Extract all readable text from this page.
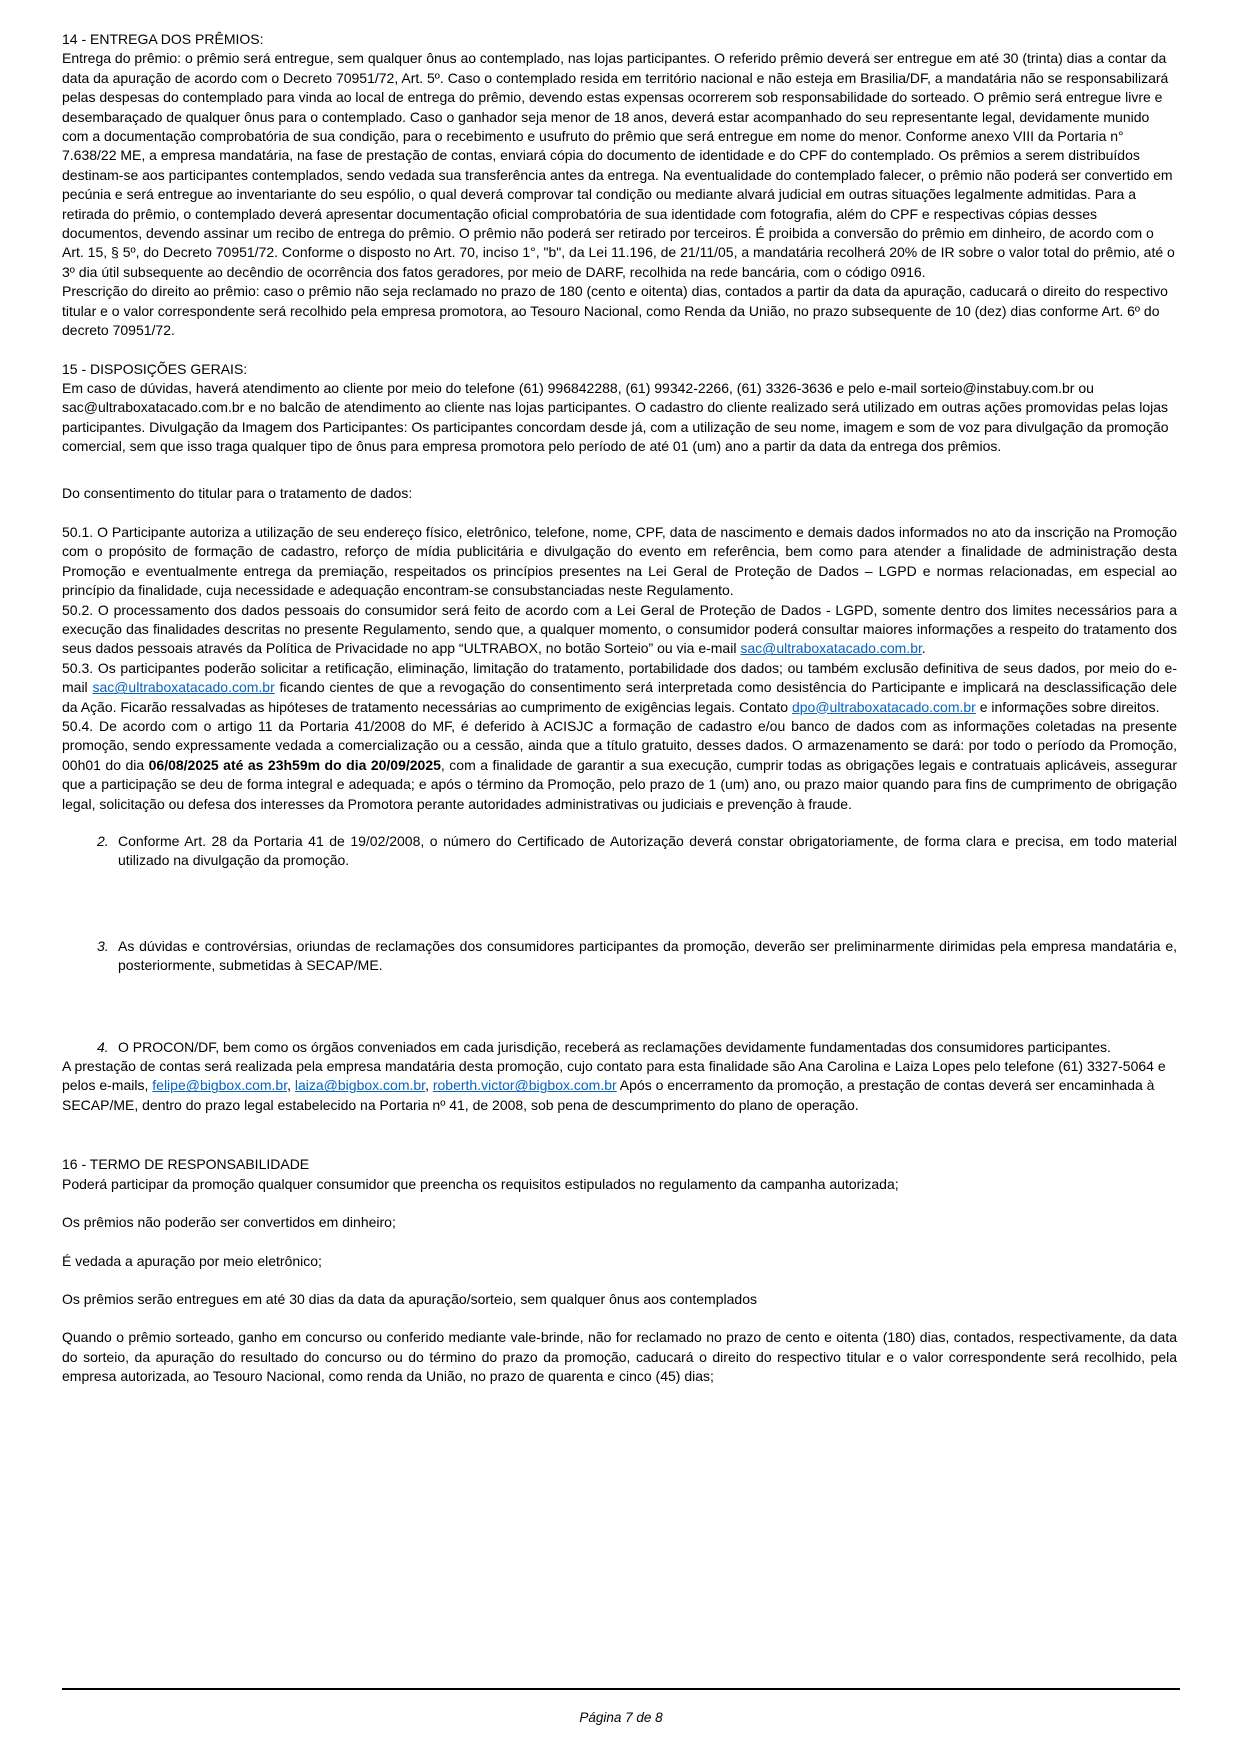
14 - ENTREGA DOS PRÊMIOS:

Entrega do prêmio: o prêmio será entregue, sem qualquer ônus ao contemplado, nas lojas participantes. O referido prêmio deverá ser entregue em até 30 (trinta) dias a contar da data da apuração de acordo com o Decreto 70951/72, Art. 5º. Caso o contemplado resida em território nacional e não esteja em Brasilia/DF, a mandatária não se responsabilizará pelas despesas do contemplado para vinda ao local de entrega do prêmio, devendo estas expensas ocorrerem sob responsabilidade do sorteado. O prêmio será entregue livre e desembaraçado de qualquer ônus para o contemplado. Caso o ganhador seja menor de 18 anos, deverá estar acompanhado do seu representante legal, devidamente munido com a documentação comprobatória de sua condição, para o recebimento e usufruto do prêmio que será entregue em nome do menor. Conforme anexo VIII da Portaria n° 7.638/22 ME, a empresa mandatária, na fase de prestação de contas, enviará cópia do documento de identidade e do CPF do contemplado. Os prêmios a serem distribuídos destinam-se aos participantes contemplados, sendo vedada sua transferência antes da entrega. Na eventualidade do contemplado falecer, o prêmio não poderá ser convertido em pecúnia e será entregue ao inventariante do seu espólio, o qual deverá comprovar tal condição ou mediante alvará judicial em outras situações legalmente admitidas. Para a retirada do prêmio, o contemplado deverá apresentar documentação oficial comprobatória de sua identidade com fotografia, além do CPF e respectivas cópias desses documentos, devendo assinar um recibo de entrega do prêmio. O prêmio não poderá ser retirado por terceiros. É proibida a conversão do prêmio em dinheiro, de acordo com o Art. 15, § 5º, do Decreto 70951/72. Conforme o disposto no Art. 70, inciso 1°, "b", da Lei 11.196, de 21/11/05, a mandatária recolherá 20% de IR sobre o valor total do prêmio, até o 3º dia útil subsequente ao decêndio de ocorrência dos fatos geradores, por meio de DARF, recolhida na rede bancária, com o código 0916.

Prescrição do direito ao prêmio: caso o prêmio não seja reclamado no prazo de 180 (cento e oitenta) dias, contados a partir da data da apuração, caducará o direito do respectivo titular e o valor correspondente será recolhido pela empresa promotora, ao Tesouro Nacional, como Renda da União, no prazo subsequente de 10 (dez) dias conforme Art. 6º do decreto 70951/72.

15 - DISPOSIÇÕES GERAIS:

Em caso de dúvidas, haverá atendimento ao cliente por meio do telefone (61) 996842288, (61) 99342-2266, (61) 3326-3636 e pelo e-mail sorteio@instabuy.com.br ou sac@ultraboxatacado.com.br e no balcão de atendimento ao cliente nas lojas participantes. O cadastro do cliente realizado será utilizado em outras ações promovidas pelas lojas participantes. Divulgação da Imagem dos Participantes: Os participantes concordam desde já, com a utilização de seu nome, imagem e som de voz para divulgação da promoção comercial, sem que isso traga qualquer tipo de ônus para empresa promotora pelo período de até 01 (um) ano a partir da data da entrega dos prêmios.

Do consentimento do titular para o tratamento de dados:

50.1. O Participante autoriza a utilização de seu endereço físico, eletrônico, telefone, nome, CPF, data de nascimento e demais dados informados no ato da inscrição na Promoção com o propósito de formação de cadastro, reforço de mídia publicitária e divulgação do evento em referência, bem como para atender a finalidade de administração desta Promoção e eventualmente entrega da premiação, respeitados os princípios presentes na Lei Geral de Proteção de Dados – LGPD e normas relacionadas, em especial ao princípio da finalidade, cuja necessidade e adequação encontram-se consubstanciadas neste Regulamento.

50.2. O processamento dos dados pessoais do consumidor será feito de acordo com a Lei Geral de Proteção de Dados - LGPD, somente dentro dos limites necessários para a execução das finalidades descritas no presente Regulamento, sendo que, a qualquer momento, o consumidor poderá consultar maiores informações a respeito do tratamento dos seus dados pessoais através da Política de Privacidade no app “ULTRABOX, no botão Sorteio” ou via e-mail sac@ultraboxatacado.com.br.

50.3. Os participantes poderão solicitar a retificação, eliminação, limitação do tratamento, portabilidade dos dados; ou também exclusão definitiva de seus dados, por meio do e-mail sac@ultraboxatacado.com.br ficando cientes de que a revogação do consentimento será interpretada como desistência do Participante e implicará na desclassificação dele da Ação. Ficarão ressalvadas as hipóteses de tratamento necessárias ao cumprimento de exigências legais. Contato dpo@ultraboxatacado.com.br e informações sobre direitos.

50.4. De acordo com o artigo 11 da Portaria 41/2008 do MF, é deferido à ACISJC a formação de cadastro e/ou banco de dados com as informações coletadas na presente promoção, sendo expressamente vedada a comercialização ou a cessão, ainda que a título gratuito, desses dados. O armazenamento se dará: por todo o período da Promoção, 00h01 do dia 06/08/2025 até as 23h59m do dia 20/09/2025, com a finalidade de garantir a sua execução, cumprir todas as obrigações legais e contratuais aplicáveis, assegurar que a participação se deu de forma integral e adequada; e após o término da Promoção, pelo prazo de 1 (um) ano, ou prazo maior quando para fins de cumprimento de obrigação legal, solicitação ou defesa dos interesses da Promotora perante autoridades administrativas ou judiciais e prevenção à fraude.

2. Conforme Art. 28 da Portaria 41 de 19/02/2008, o número do Certificado de Autorização deverá constar obrigatoriamente, de forma clara e precisa, em todo material utilizado na divulgação da promoção.
3. As dúvidas e controvérsias, oriundas de reclamações dos consumidores participantes da promoção, deverão ser preliminarmente dirimidas pela empresa mandatária e, posteriormente, submetidas à SECAP/ME.
4. O PROCON/DF, bem como os órgãos conveniados em cada jurisdição, receberá as reclamações devidamente fundamentadas dos consumidores participantes.

A prestação de contas será realizada pela empresa mandatária desta promoção, cujo contato para esta finalidade são Ana Carolina e Laiza Lopes pelo telefone (61) 3327-5064 e pelos e-mails, felipe@bigbox.com.br, laiza@bigbox.com.br, roberth.victor@bigbox.com.br Após o encerramento da promoção, a prestação de contas deverá ser encaminhada à SECAP/ME, dentro do prazo legal estabelecido na Portaria nº 41, de 2008, sob pena de descumprimento do plano de operação.

16 - TERMO DE RESPONSABILIDADE

Poderá participar da promoção qualquer consumidor que preencha os requisitos estipulados no regulamento da campanha autorizada;

Os prêmios não poderão ser convertidos em dinheiro;

É vedada a apuração por meio eletrônico;

Os prêmios serão entregues em até 30 dias da data da apuração/sorteio, sem qualquer ônus aos contemplados

Quando o prêmio sorteado, ganho em concurso ou conferido mediante vale-brinde, não for reclamado no prazo de cento e oitenta (180) dias, contados, respectivamente, da data do sorteio, da apuração do resultado do concurso ou do término do prazo da promoção, caducará o direito do respectivo titular e o valor correspondente será recolhido, pela empresa autorizada, ao Tesouro Nacional, como renda da União, no prazo de quarenta e cinco (45) dias;

Página 7 de 8
